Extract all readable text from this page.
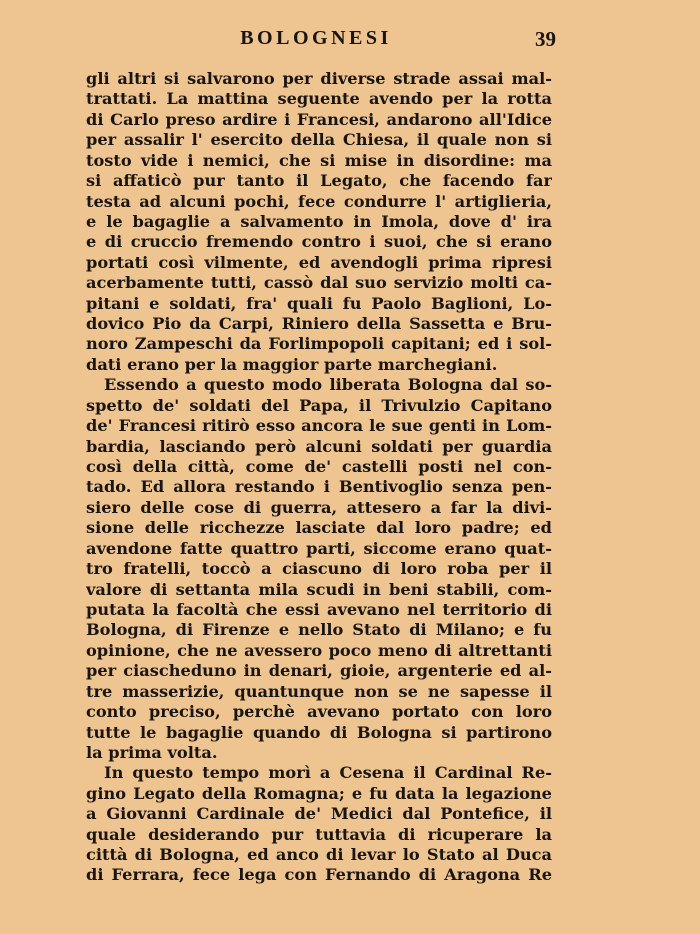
BOLOGNESI	39
gli altri si salvarono per diverse strade assai mal-
trattati. La mattina seguente avendo per la rotta
di Carlo preso ardire i Francesi, andarono all'Idice
per assalir l' esercito della Chiesa, il quale non si
tosto vide i nemici, che si mise in disordine: ma
si affaticò pur tanto il Legato, che facendo far
testa ad alcuni pochi, fece condurre l' artiglieria,
e le bagaglie a salvamento in Imola, dove d' ira
e di cruccio fremendo contro i suoi, che si erano
portati così vilmente, ed avendogli prima ripresi
acerbamente tutti, cassò dal suo servizio molti ca-
pitani e soldati, fra' quali fu Paolo Baglioni, Lo-
dovico Pio da Carpi, Riniero della Sassetta e Bru-
noro Zampeschi da Forlimpopoli capitani; ed i sol-
dati erano per la maggior parte marchegiani.
Essendo a questo modo liberata Bologna dal so-
spetto de' soldati del Papa, il Trivulzio Capitano
de' Francesi ritirò esso ancora le sue genti in Lom-
bardia, lasciando però alcuni soldati per guardia
così della città, come de' castelli posti nel con-
tado. Ed allora restando i Bentivoglio senza pen-
siero delle cose di guerra, attesero a far la divi-
sione delle ricchezze lasciate dal loro padre; ed
avendone fatte quattro parti, siccome erano quat-
tro fratelli, toccò a ciascuno di loro roba per il
valore di settanta mila scudi in beni stabili, com-
putata la facoltà che essi avevano nel territorio di
Bologna, di Firenze e nello Stato di Milano; e fu
opinione, che ne avessero poco meno di altrettanti
per ciascheduno in denari, gioie, argenterie ed al-
tre masserizie, quantunque non se ne sapesse il
conto preciso, perchè avevano portato con loro
tutte le bagaglie quando di Bologna si partirono
la prima volta.
In questo tempo morì a Cesena il Cardinal Re-
gino Legato della Romagna; e fu data la legazione
a Giovanni Cardinale de' Medici dal Pontefice, il
quale desiderando pur tuttavia di ricuperare la
città di Bologna, ed anco di levar lo Stato al Duca
di Ferrara, fece lega con Fernando di Aragona Re
